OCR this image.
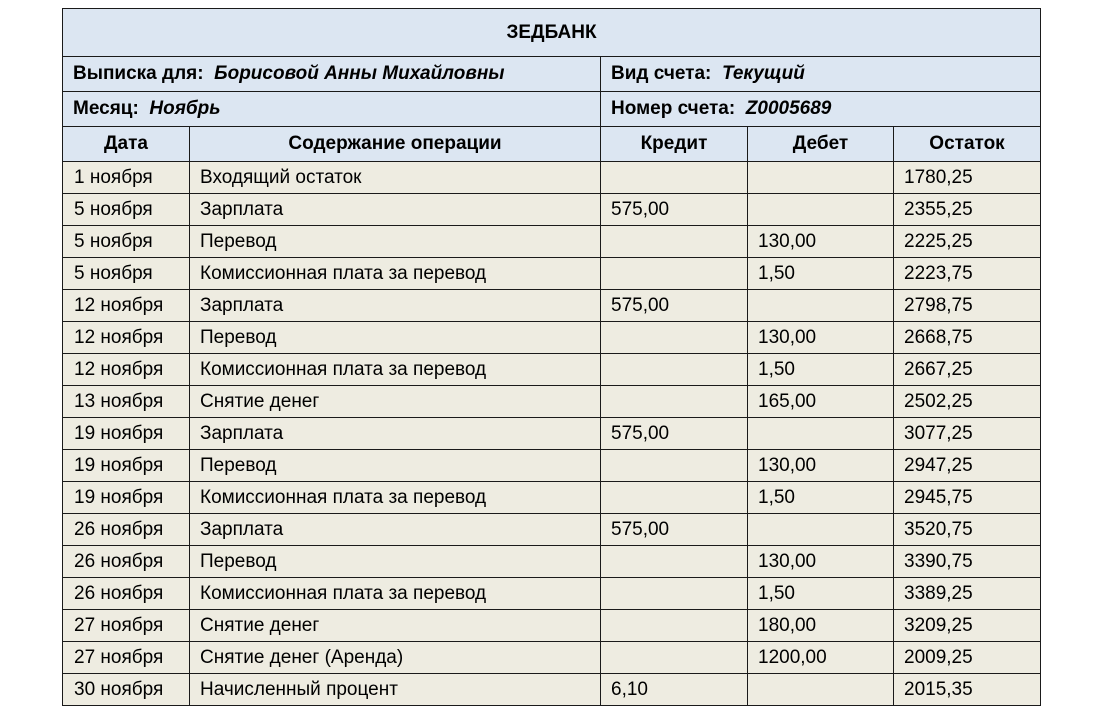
ЗЕДБАНК				
Выписка для: Борисовой Анны Михайловны		Вид счета: Текущий		
Месяц: Ноябрь		Номер счета: Z0005689		
Дата	Содержание операции	Кредит	Дебет	Остаток
1 ноября	Входящий остаток			1780,25
5 ноября	Зарплата	575,00		2355,25
5 ноября	Перевод		130,00	2225,25
5 ноября	Комиссионная плата за перевод		1,50	2223,75
12 ноября	Зарплата	575,00		2798,75
12 ноября	Перевод		130,00	2668,75
12 ноября	Комиссионная плата за перевод		1,50	2667,25
13 ноября	Снятие денег		165,00	2502,25
19 ноября	Зарплата	575,00		3077,25
19 ноября	Перевод		130,00	2947,25
19 ноября	Комиссионная плата за перевод		1,50	2945,75
26 ноября	Зарплата	575,00		3520,75
26 ноября	Перевод		130,00	3390,75
26 ноября	Комиссионная плата за перевод		1,50	3389,25
27 ноября	Снятие денег		180,00	3209,25
27 ноября	Снятие денег (Аренда)		1200,00	2009,25
30 ноября	Начисленный процент	6,10		2015,35
